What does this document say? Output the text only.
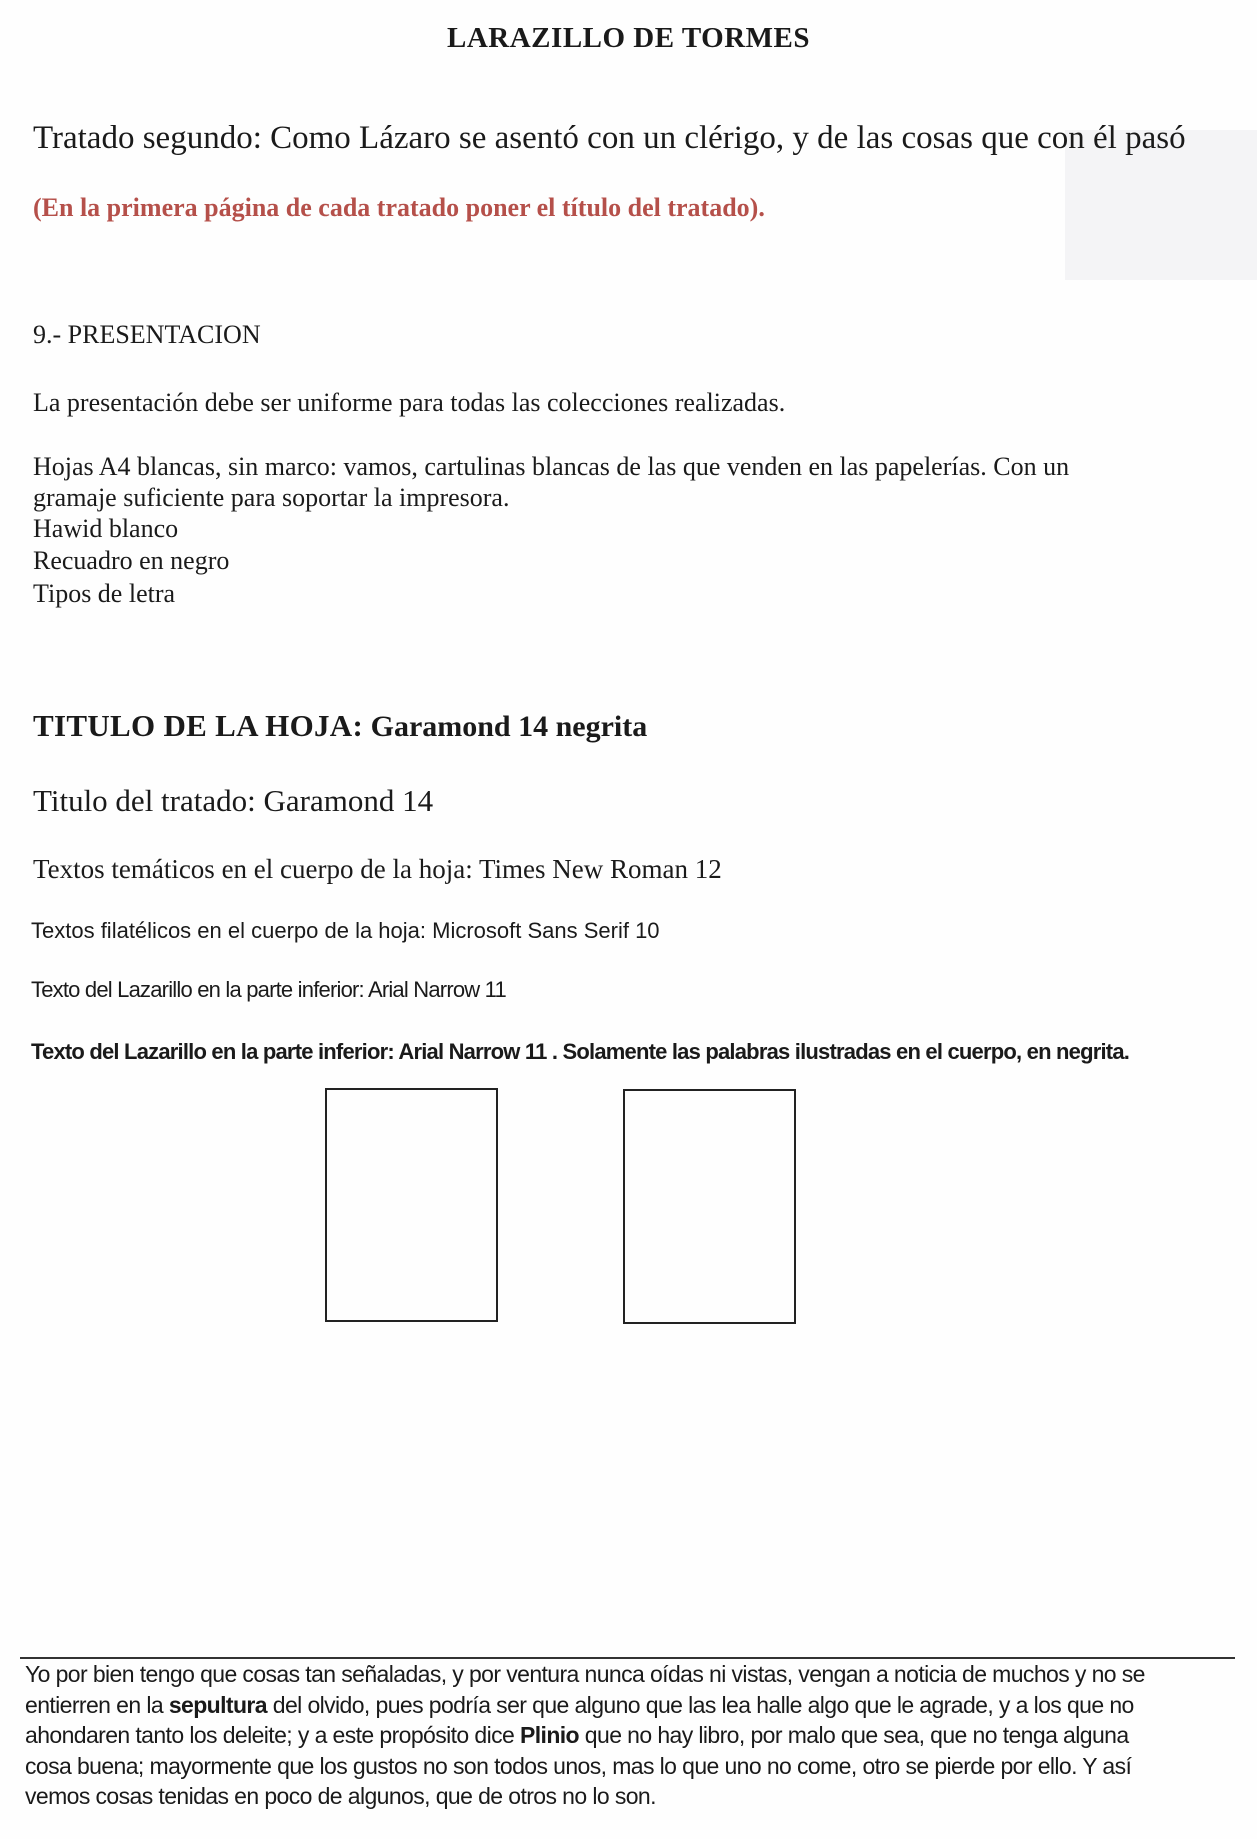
LARAZILLO DE TORMES
Tratado segundo: Como Lázaro se asentó con un clérigo, y de las cosas que con él pasó
(En la primera página de cada tratado poner el título del tratado).
9.- PRESENTACION
La presentación debe ser uniforme para todas las colecciones realizadas.
Hojas A4 blancas, sin marco: vamos, cartulinas blancas de las que venden en las papelerías. Con un
gramaje suficiente para soportar la impresora.
Hawid blanco
Recuadro en negro
Tipos de letra
TITULO DE LA HOJA: Garamond 14 negrita
Titulo del tratado: Garamond 14
Textos temáticos en el cuerpo de la hoja: Times New Roman 12
Textos filatélicos en el cuerpo de la hoja: Microsoft Sans Serif 10
Texto del Lazarillo en la parte inferior: Arial Narrow 11
Texto del Lazarillo en la parte inferior: Arial Narrow 11 . Solamente las palabras ilustradas en el cuerpo, en negrita.
Yo por bien tengo que cosas tan señaladas, y por ventura nunca oídas ni vistas, vengan a noticia de muchos y no se
entierren en la sepultura del olvido, pues podría ser que alguno que las lea halle algo que le agrade, y a los que no
ahondaren tanto los deleite; y a este propósito dice Plinio que no hay libro, por malo que sea, que no tenga alguna
cosa buena; mayormente que los gustos no son todos unos, mas lo que uno no come, otro se pierde por ello. Y así
vemos cosas tenidas en poco de algunos, que de otros no lo son.
